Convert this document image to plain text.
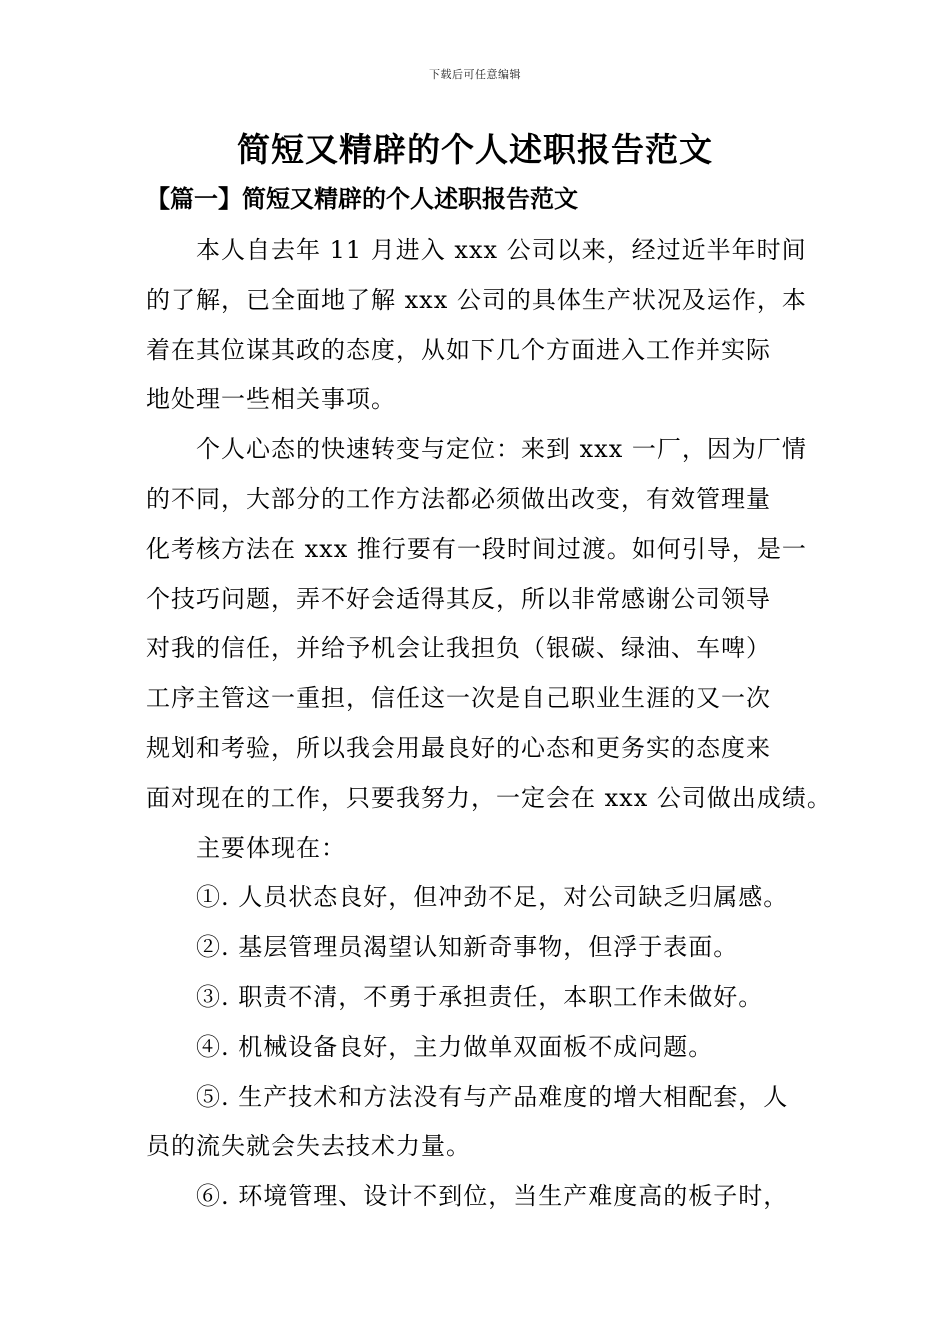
下载后可任意编辑
简短又精辟的个人述职报告范文
【篇一】简短又精辟的个人述职报告范文

本人自去年 11 月进入 xxx 公司以来，经过近半年时间
的了解，已全面地了解 xxx 公司的具体生产状况及运作，本
着在其位谋其政的态度，从如下几个方面进入工作并实际
地处理一些相关事项。

个人心态的快速转变与定位：来到 xxx 一厂，因为厂情
的不同，大部分的工作方法都必须做出改变，有效管理量
化考核方法在 xxx 推行要有一段时间过渡。如何引导，是一
个技巧问题，弄不好会适得其反，所以非常感谢公司领导
对我的信任，并给予机会让我担负（银碳、绿油、车啤）
工序主管这一重担，信任这一次是自己职业生涯的又一次
规划和考验，所以我会用最良好的心态和更务实的态度来
面对现在的工作，只要我努力，一定会在 xxx 公司做出成绩。

主要体现在：

①. 人员状态良好，但冲劲不足，对公司缺乏归属感。

②. 基层管理员渴望认知新奇事物，但浮于表面。

③. 职责不清，不勇于承担责任，本职工作未做好。

④. 机械设备良好，主力做单双面板不成问题。

⑤. 生产技术和方法没有与产品难度的增大相配套，人
员的流失就会失去技术力量。

⑥. 环境管理、设计不到位，当生产难度高的板子时，
